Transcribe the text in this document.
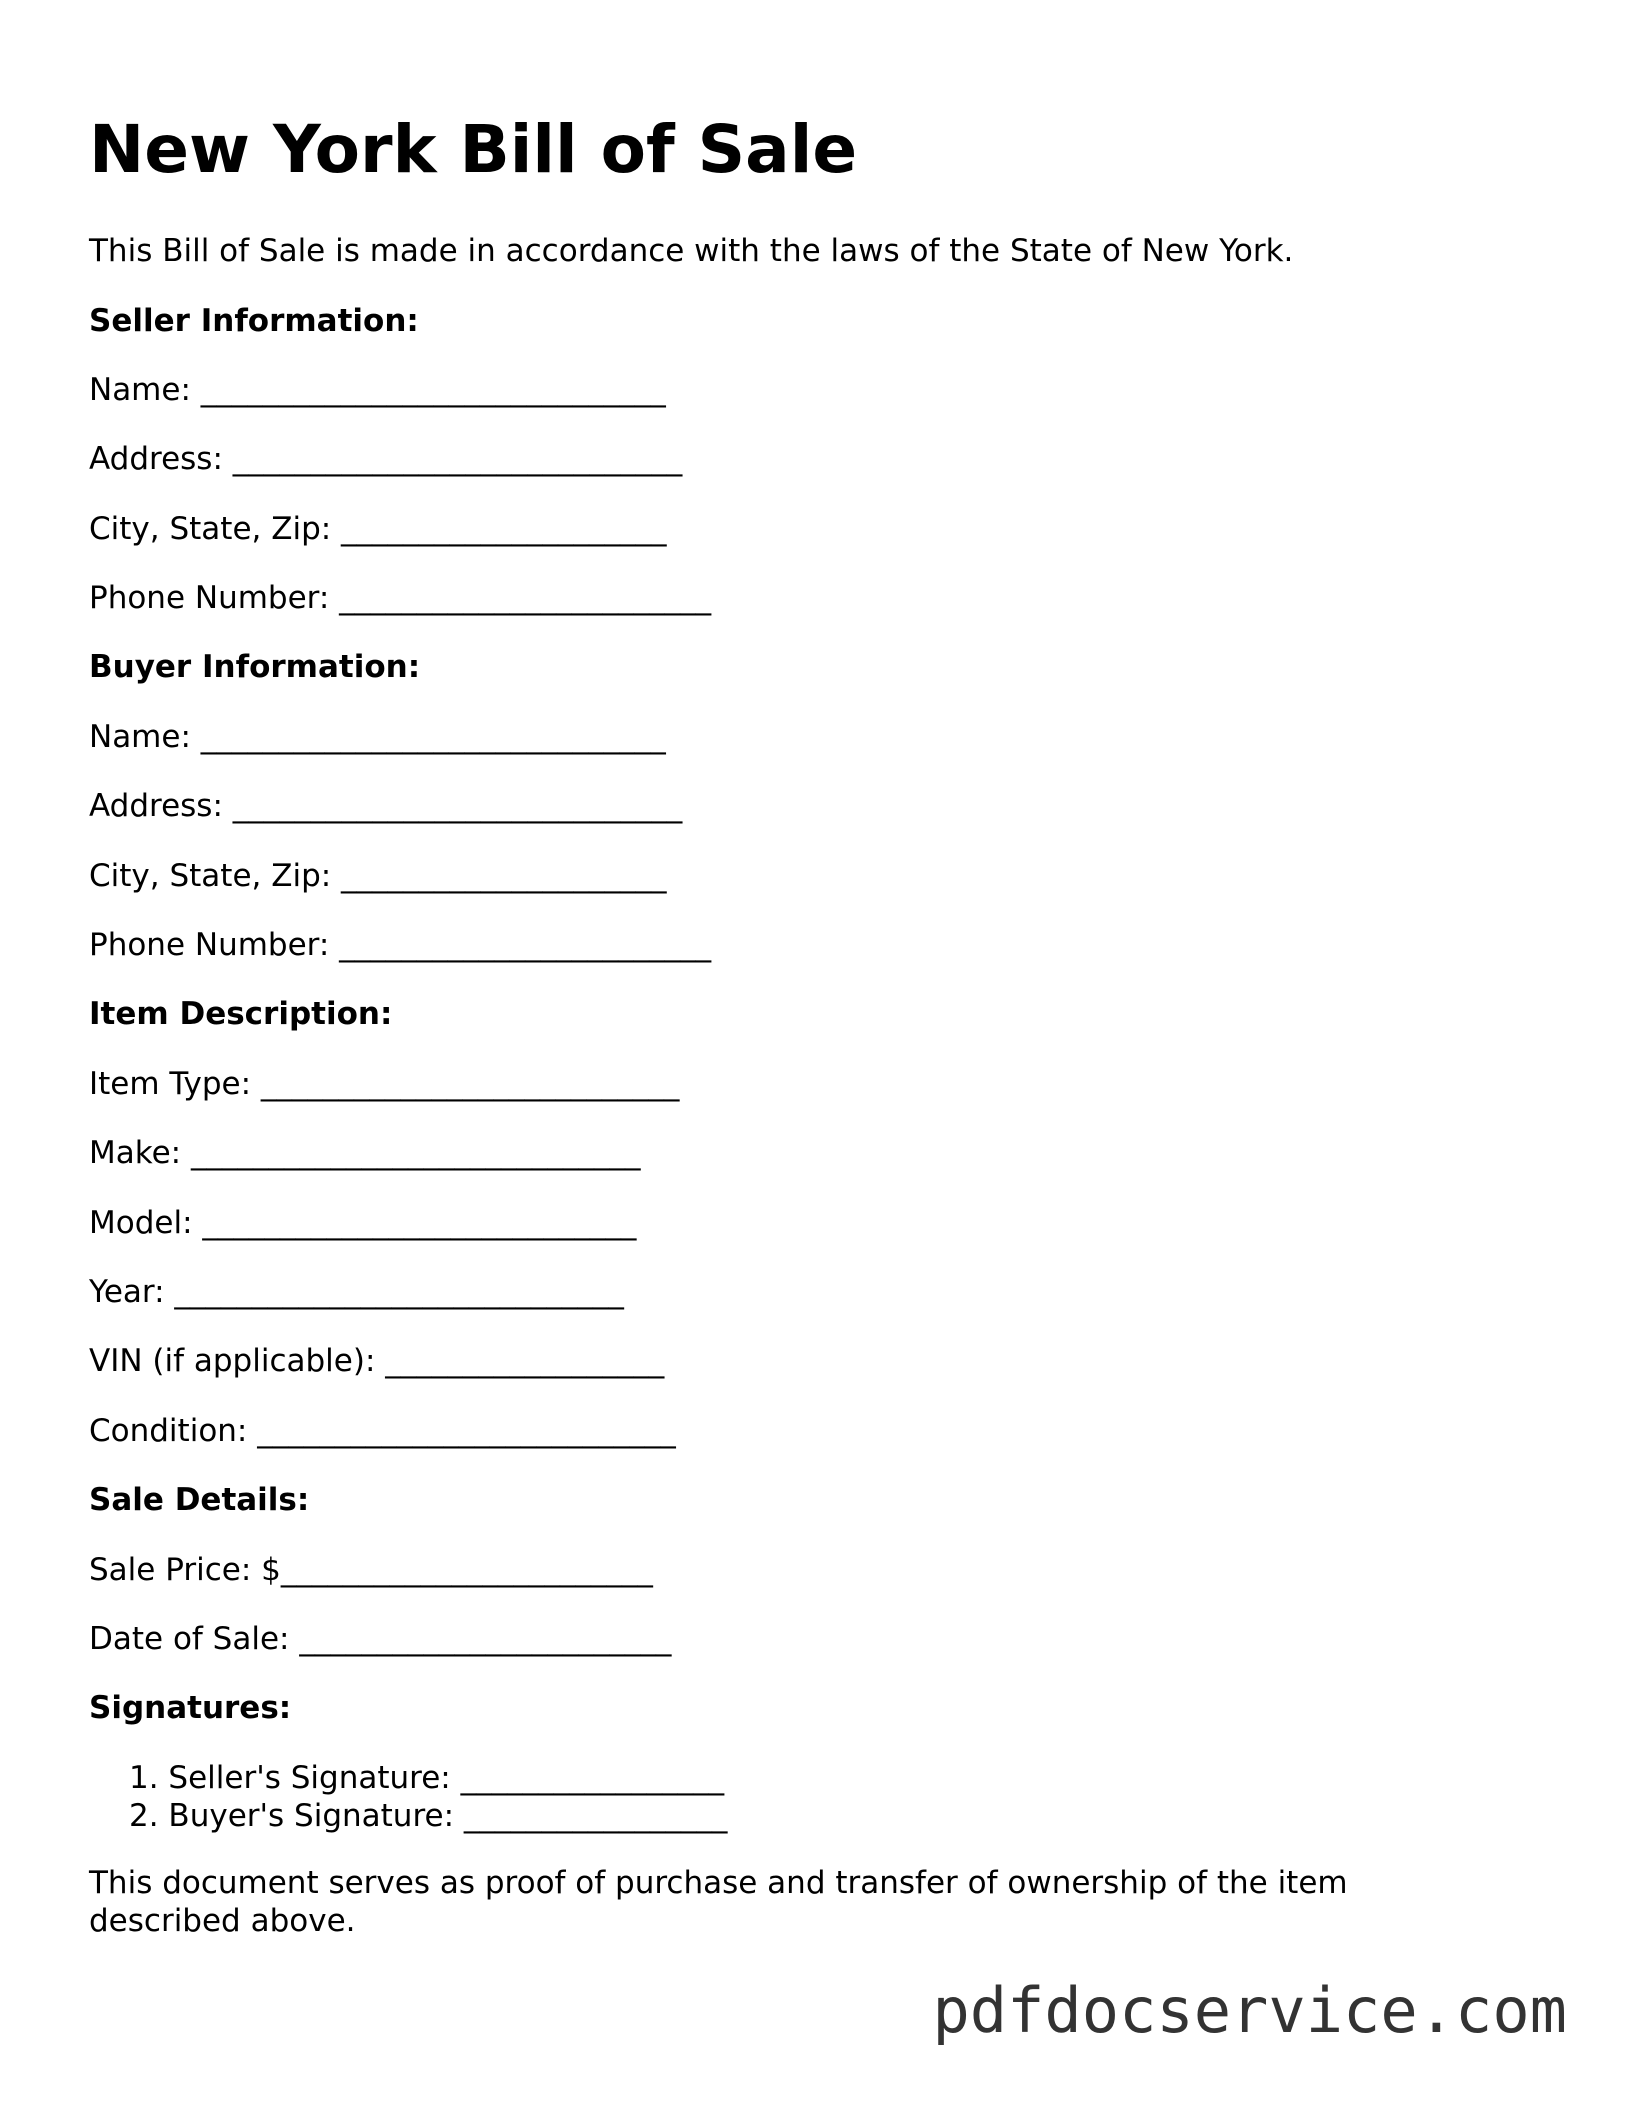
New York Bill of Sale

This Bill of Sale is made in accordance with the laws of the State of New York.

Seller Information:

Name: ______________________________

Address: _____________________________

City, State, Zip: _____________________

Phone Number: ________________________

Buyer Information:

Name: ______________________________

Address: _____________________________

City, State, Zip: _____________________

Phone Number: ________________________

Item Description:

Item Type: ___________________________

Make: _____________________________

Model: ____________________________

Year: _____________________________

VIN (if applicable): __________________

Condition: ___________________________

Sale Details:

Sale Price: $________________________

Date of Sale: ________________________

Signatures:

1. Seller's Signature: _________________
2. Buyer's Signature: _________________

This document serves as proof of purchase and transfer of ownership of the item described above.

pdfdocservice.com
